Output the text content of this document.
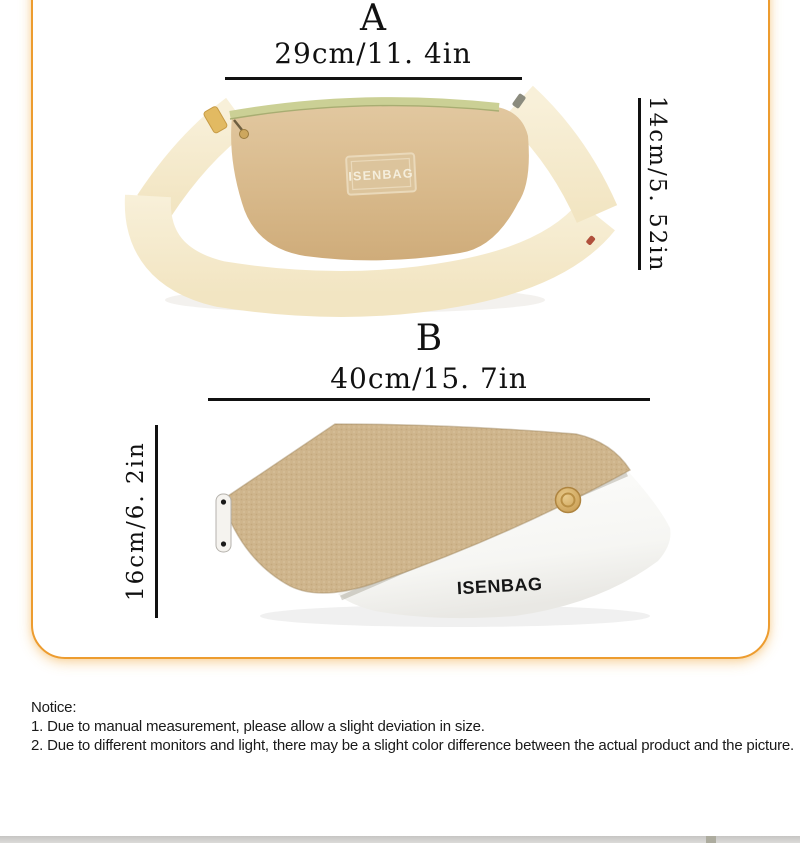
A
29cm/11. 4in
14cm/5. 52in
ISENBAG
B
40cm/15. 7in
16cm/6. 2in	ISENBAG
Notice:
1. Due to manual measurement, please allow a slight deviation in size.
2. Due to different monitors and light, there may be a slight color difference between the actual product and the picture.
